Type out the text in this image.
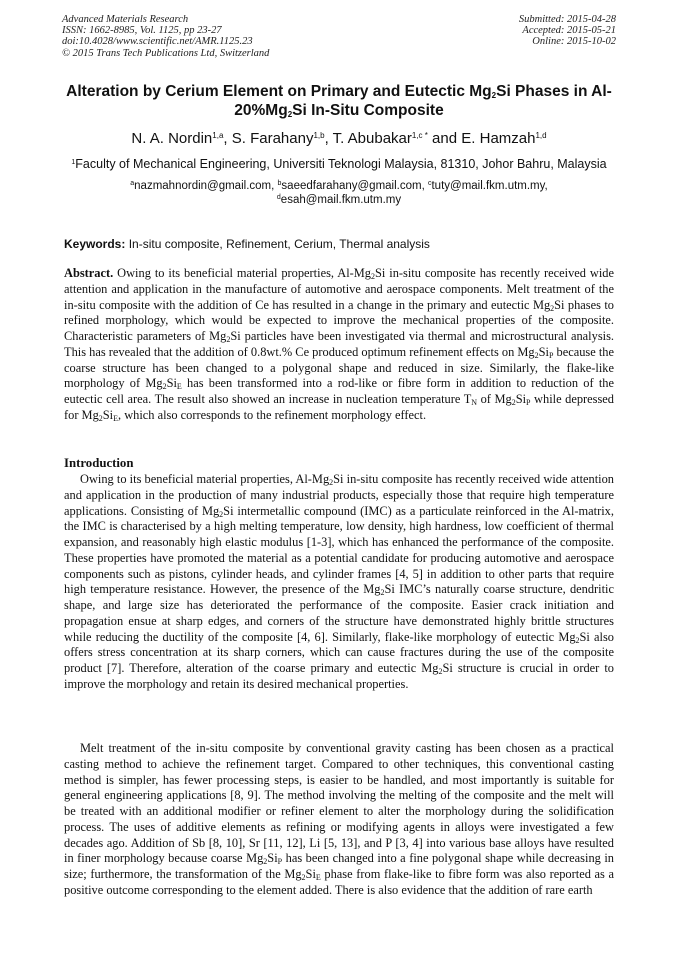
Advanced Materials Research
ISSN: 1662-8985, Vol. 1125, pp 23-27
doi:10.4028/www.scientific.net/AMR.1125.23
© 2015 Trans Tech Publications Ltd, Switzerland
Submitted: 2015-04-28
Accepted: 2015-05-21
Online: 2015-10-02
Alteration by Cerium Element on Primary and Eutectic $Mg_2Si$ Phases in $Al-20\%Mg_2Si$ In-Situ Composite
N. A. Nordin$^{1,a}$, S. Farahany$^{1,b}$, T. Abubakar$^{1,c *}$ and E. Hamzah$^{1,d}$
$^1$Faculty of Mechanical Engineering, Universiti Teknologi Malaysia, 81310, Johor Bahru, Malaysia
$^a$nazmahnordin@gmail.com, $^b$saeedfarahany@gmail.com, $^c$tuty@mail.fkm.utm.my,
$^d$esah@mail.fkm.utm.my
Keywords: In-situ composite, Refinement, Cerium, Thermal analysis
Abstract. Owing to its beneficial material properties, $Al-Mg_2Si$ in-situ composite has recently received wide attention and application in the manufacture of automotive and aerospace components. Melt treatment of the in-situ composite with the addition of Ce has resulted in a change in the primary and eutectic $Mg_2Si$ phases to refined morphology, which would be expected to improve the mechanical properties of the composite. Characteristic parameters of $Mg_2Si$ particles have been investigated via thermal and microstructural analysis. This has revealed that the addition of 0.8wt.% Ce produced optimum refinement effects on $Mg_2Si_P$ because the coarse structure has been changed to a polygonal shape and reduced in size. Similarly, the flake-like morphology of $Mg_2Si_E$ has been transformed into a rod-like or fibre form in addition to reduction of the eutectic cell area. The result also showed an increase in nucleation temperature $T_N$ of $Mg_2Si_P$ while depressed for $Mg_2Si_E$, which also corresponds to the refinement morphology effect.
Introduction
Owing to its beneficial material properties, $Al-Mg_2Si$ in-situ composite has recently received wide attention and application in the production of many industrial products, especially those that require high temperature applications. Consisting of $Mg_2Si$ intermetallic compound (IMC) as a particulate reinforced in the Al-matrix, the IMC is characterised by a high melting temperature, low density, high hardness, low coefficient of thermal expansion, and reasonably high elastic modulus [1-3], which has enhanced the performance of the composite. These properties have promoted the material as a potential candidate for producing automotive and aerospace components such as pistons, cylinder heads, and cylinder frames [4, 5] in addition to other parts that require high temperature resistance. However, the presence of the $Mg_2Si$ IMC’s naturally coarse structure, dendritic shape, and large size has deteriorated the performance of the composite. Easier crack initiation and propagation ensue at sharp edges, and corners of the structure have demonstrated highly brittle structures while reducing the ductility of the composite [4, 6]. Similarly, flake-like morphology of eutectic $Mg_2Si$ also offers stress concentration at its sharp corners, which can cause fractures during the use of the composite product [7]. Therefore, alteration of the coarse primary and eutectic $Mg_2Si$ structure is crucial in order to improve the morphology and retain its desired mechanical properties.
Melt treatment of the in-situ composite by conventional gravity casting has been chosen as a practical casting method to achieve the refinement target. Compared to other techniques, this conventional casting method is simpler, has fewer processing steps, is easier to be handled, and most importantly is suitable for general engineering applications [8, 9]. The method involving the melting of the composite and the melt will be treated with an additional modifier or refiner element to alter the morphology during the solidification process. The uses of additive elements as refining or modifying agents in alloys were investigated a few decades ago. Addition of Sb [8, 10], Sr [11, 12], Li [5, 13], and P [3, 4] into various base alloys have resulted in finer morphology because coarse $Mg_2Si_P$ has been changed into a fine polygonal shape while decreasing in size; furthermore, the transformation of the $Mg_2Si_E$ phase from flake-like to fibre form was also reported as a positive outcome corresponding to the element added. There is also evidence that the addition of rare earth
